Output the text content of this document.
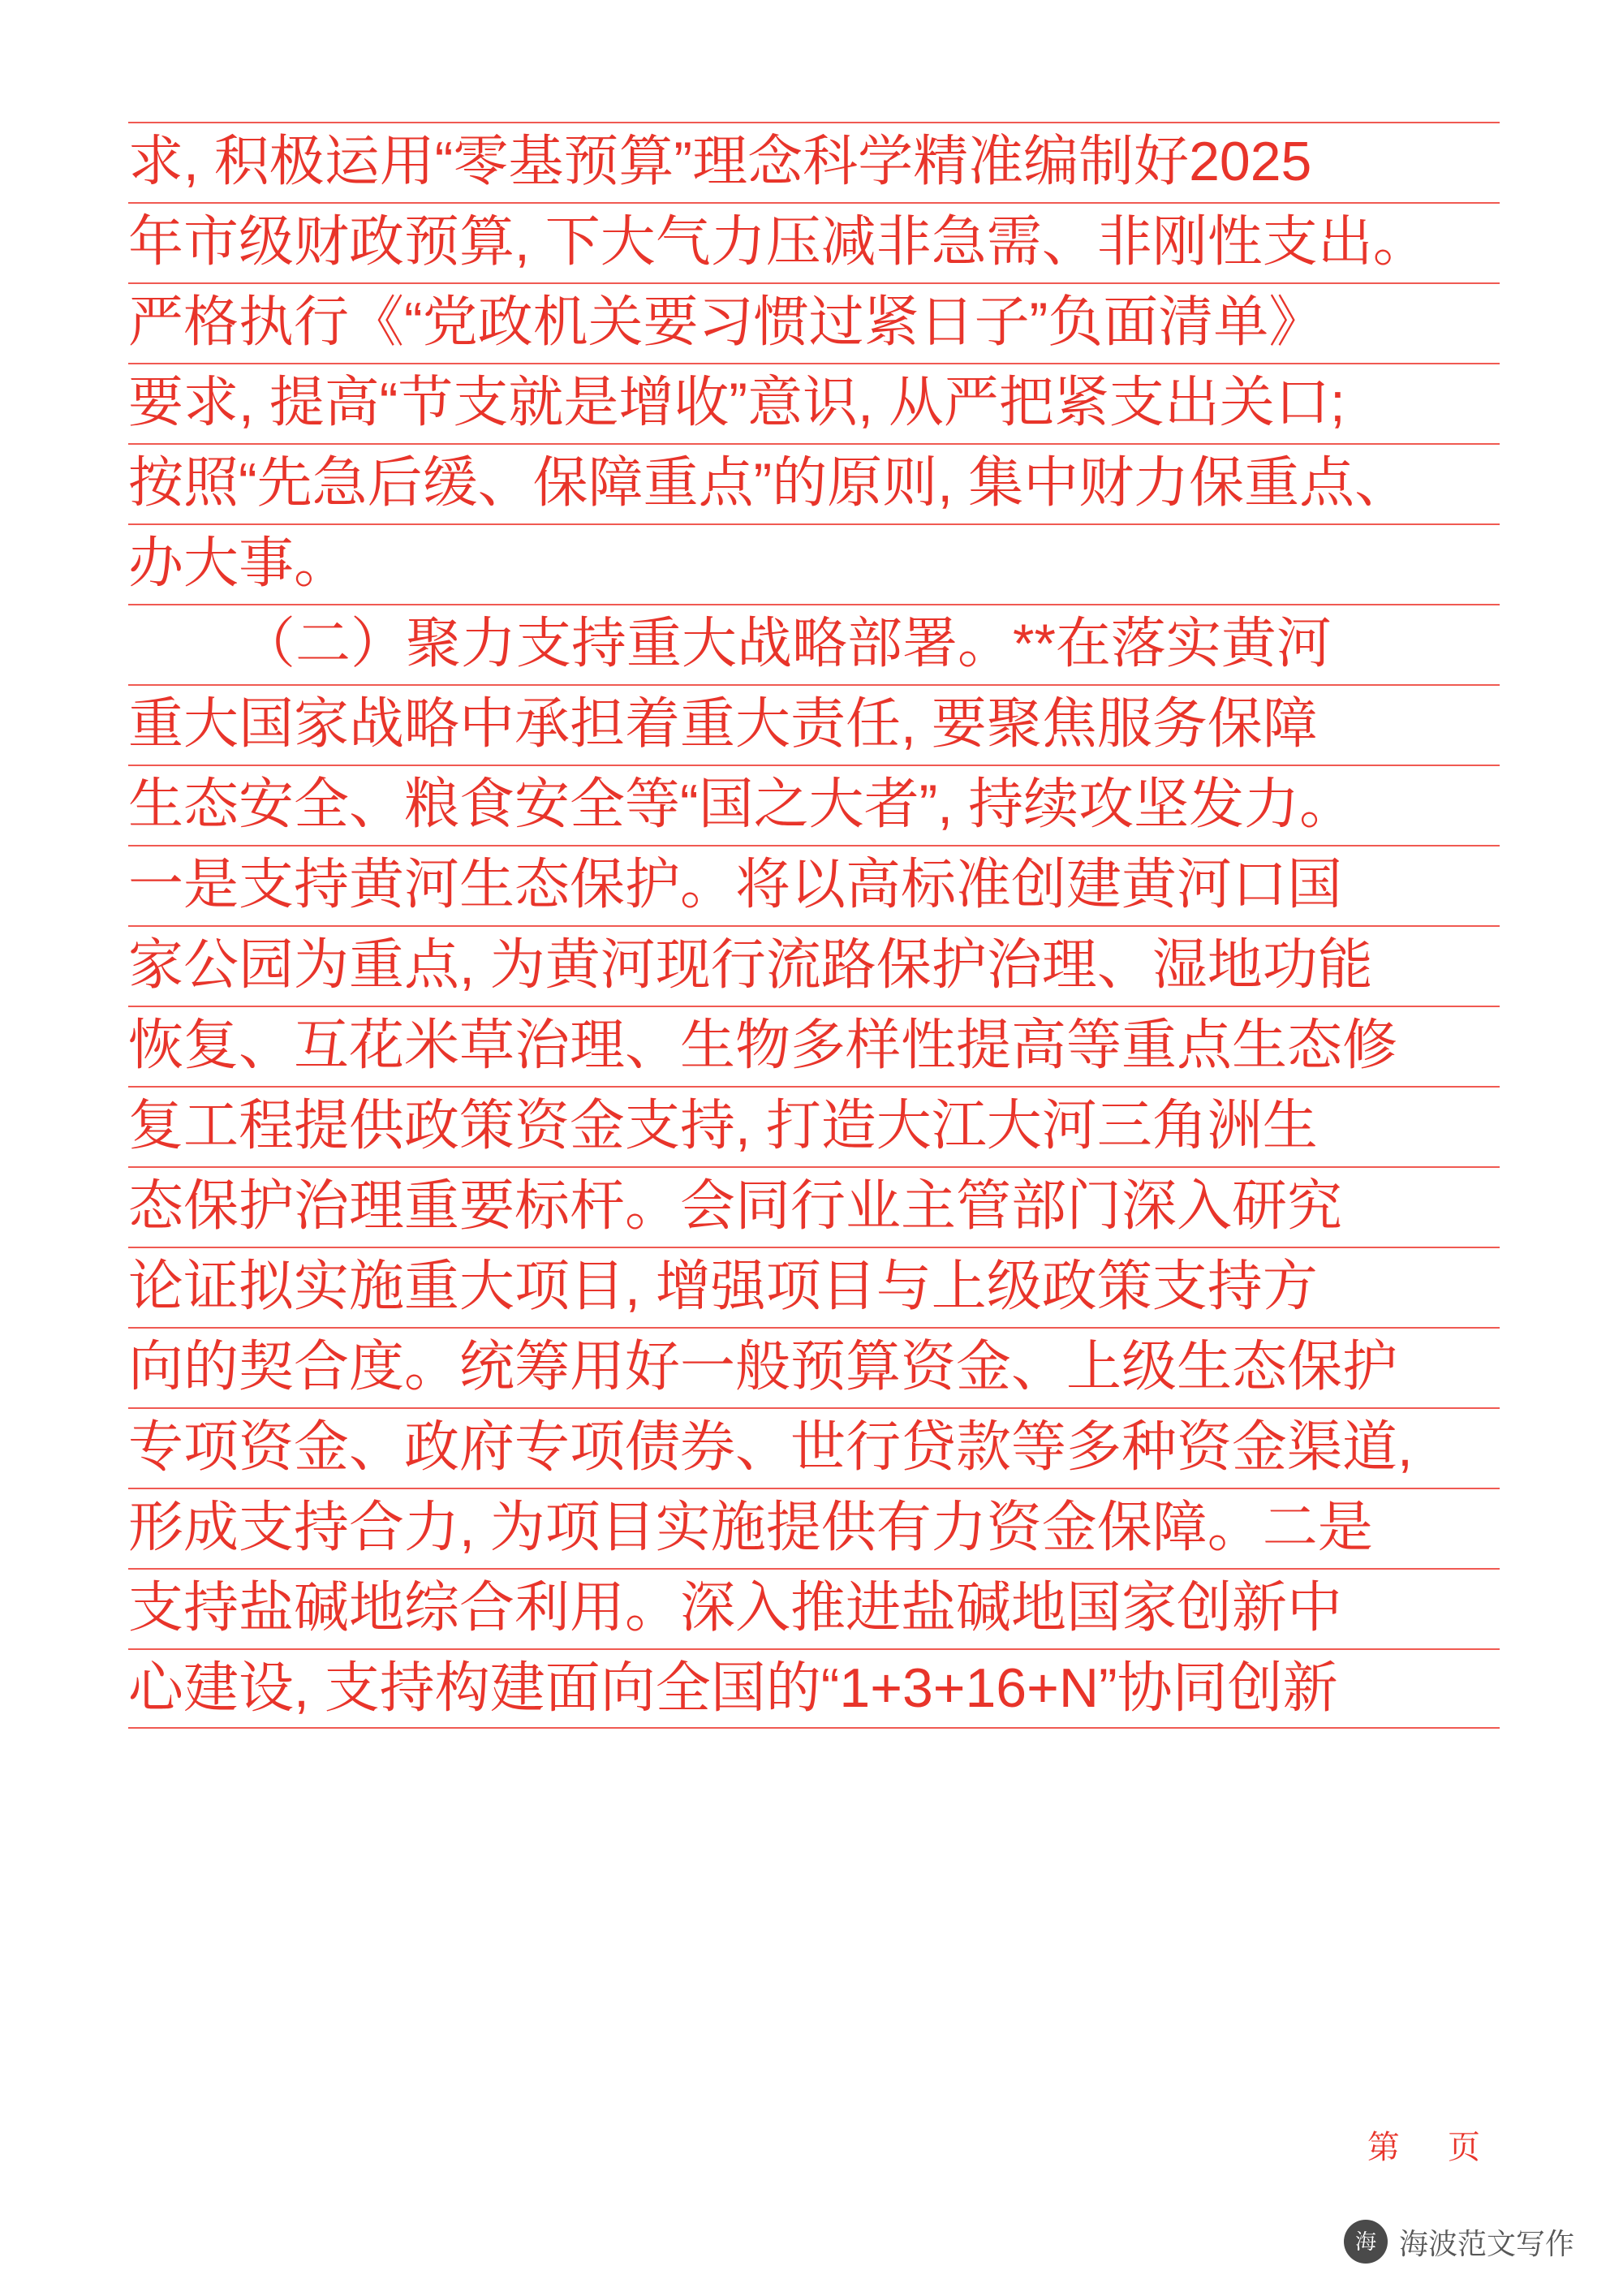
求, 积极运用“零基预算”理念科学精准编制好2025
年市级财政预算, 下大气力压减非急需、非刚性支出。
严格执行《“党政机关要习惯过紧日子”负面清单》
要求, 提高“节支就是增收”意识, 从严把紧支出关口;
按照“先急后缓、保障重点”的原则, 集中财力保重点、
办大事。
（二）聚力支持重大战略部署。**在落实黄河
重大国家战略中承担着重大责任, 要聚焦服务保障
生态安全、粮食安全等“国之大者”, 持续攻坚发力。
一是支持黄河生态保护。将以高标准创建黄河口国
家公园为重点, 为黄河现行流路保护治理、湿地功能
恢复、互花米草治理、生物多样性提高等重点生态修
复工程提供政策资金支持, 打造大江大河三角洲生
态保护治理重要标杆。会同行业主管部门深入研究
论证拟实施重大项目, 增强项目与上级政策支持方
向的契合度。统筹用好一般预算资金、上级生态保护
专项资金、政府专项债券、世行贷款等多种资金渠道,
形成支持合力, 为项目实施提供有力资金保障。二是
支持盐碱地综合利用。深入推进盐碱地国家创新中
心建设, 支持构建面向全国的“1+3+16+N”协同创新
第 页
海 海波范文写作
